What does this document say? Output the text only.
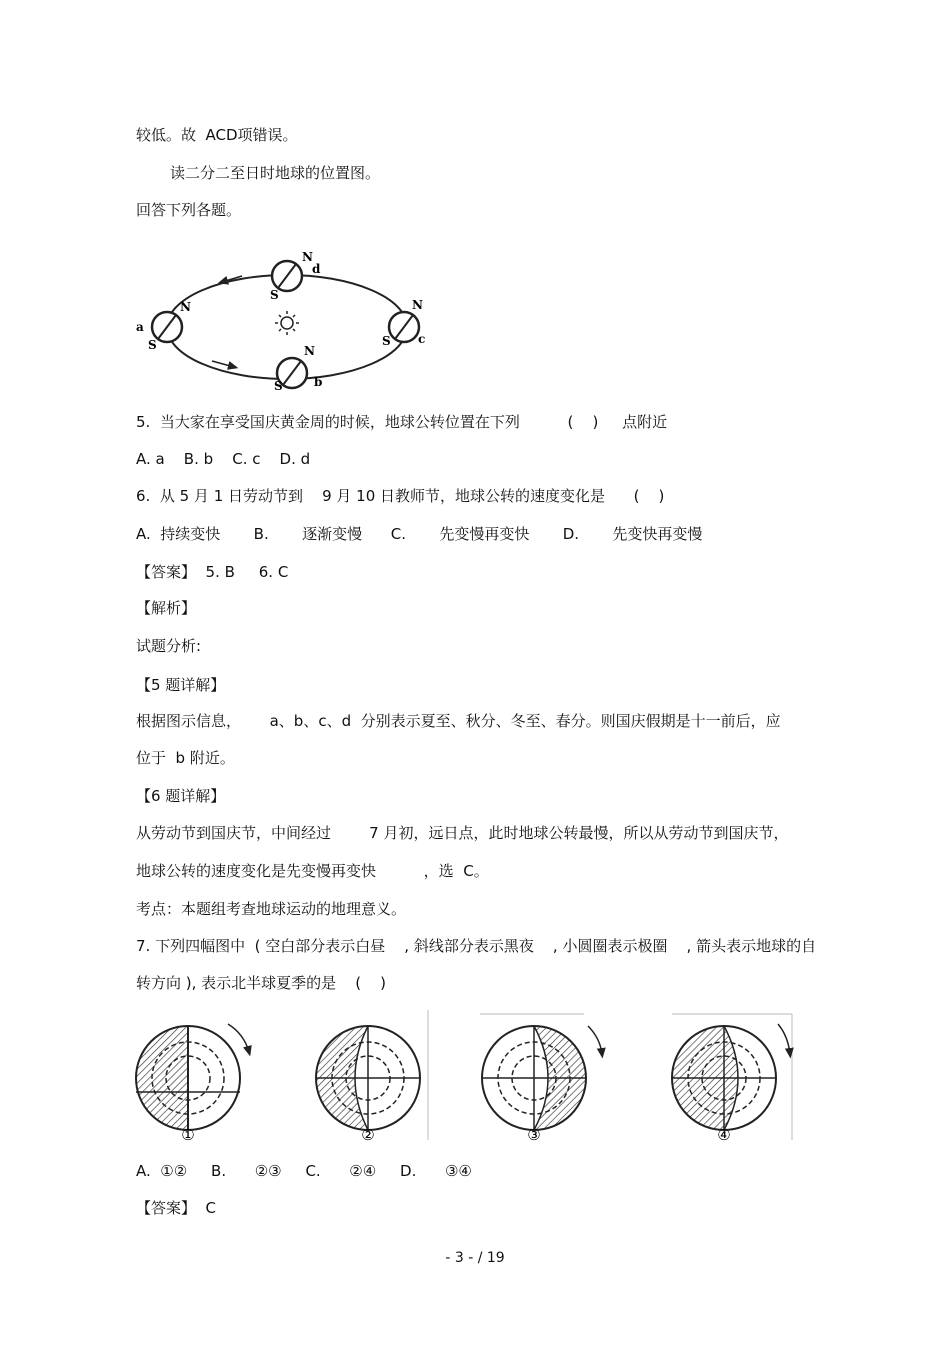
较低。故  ACD项错误。
读二分二至日时地球的位置图。
回答下列各题。
N
d
S
N
a
S
N
S c
N
S	b
5.  当大家在享受国庆黄金周的时候，地球公转位置在下列          (    )     点附近
A. a    B. b    C. c    D. d
6.  从 5 月 1 日劳动节到    9 月 10 日教师节，地球公转的速度变化是      (    )
A.  持续变快       B.       逐渐变慢      C.       先变慢再变快       D.       先变快再变慢
【答案】  5. B     6. C
【解析】
试题分析:
【5 题详解】
根据图示信息，      a、b、c、d  分别表示夏至、秋分、冬至、春分。则国庆假期是十一前后，应
位于  b 附近。
【6 题详解】
从劳动节到国庆节，中间经过        7 月初，远日点，此时地球公转最慢，所以从劳动节到国庆节，
地球公转的速度变化是先变慢再变快          ，选  C。
考点：本题组考查地球运动的地理意义。
7. 下列四幅图中  ( 空白部分表示白昼    , 斜线部分表示黑夜    , 小圆圈表示极圈    , 箭头表示地球的自
转方向 ), 表示北半球夏季的是    (    )
①	②	③	④
A.  ①②     B.      ②③     C.      ②④     D.      ③④
【答案】  C
- 3 - / 19
